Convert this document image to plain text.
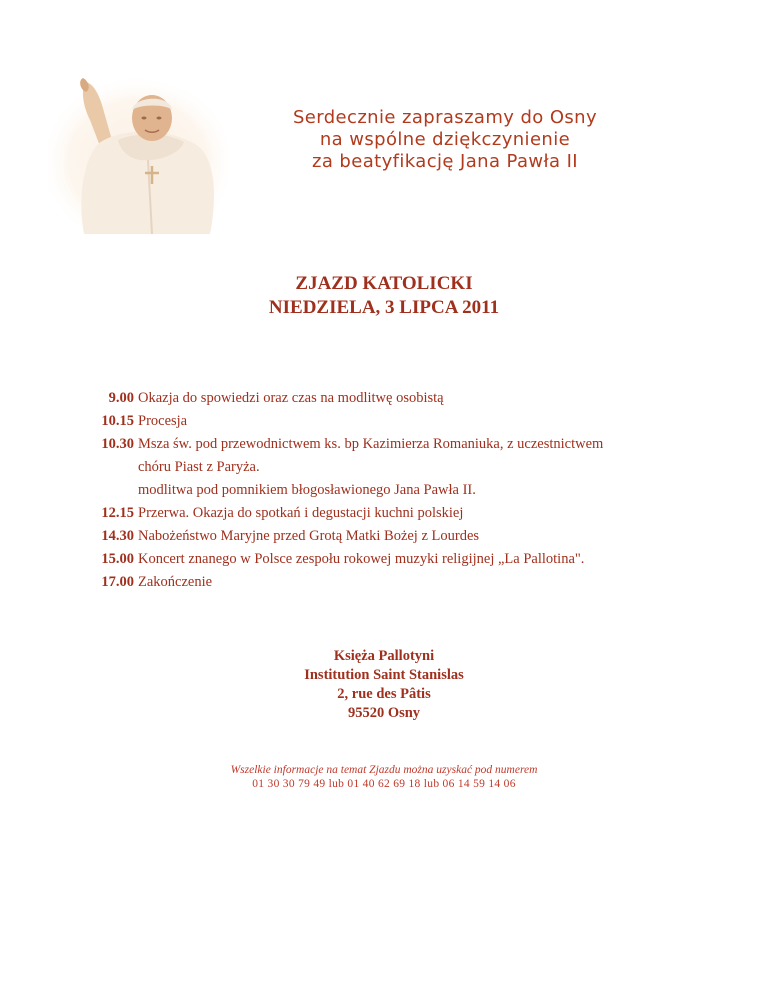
Serdecznie zapraszamy do Osny
na wspólne dziękczynienie
za beatyfikację Jana Pawła II
ZJAZD KATOLICKI
NIEDZIELA, 3 LIPCA 2011
9.00 Okazja do spowiedzi oraz czas na modlitwę osobistą
10.15 Procesja
10.30 Msza św. pod przewodnictwem ks. bp Kazimierza Romaniuka, z uczestnictwem
chóru Piast z Paryża.
modlitwa pod pomnikiem błogosławionego Jana Pawła II.
12.15 Przerwa. Okazja do spotkań i degustacji kuchni polskiej
14.30 Nabożeństwo Maryjne przed Grotą Matki Bożej z Lourdes
15.00 Koncert znanego w Polsce zespołu rokowej muzyki religijnej „La Pallotina".
17.00 Zakończenie
Księża Pallotyni
Institution Saint Stanislas
2, rue des Pâtis
95520 Osny
Wszelkie informacje na temat Zjazdu można uzyskać pod numerem
01 30 30 79 49 lub 01 40 62 69 18 lub 06 14 59 14 06
